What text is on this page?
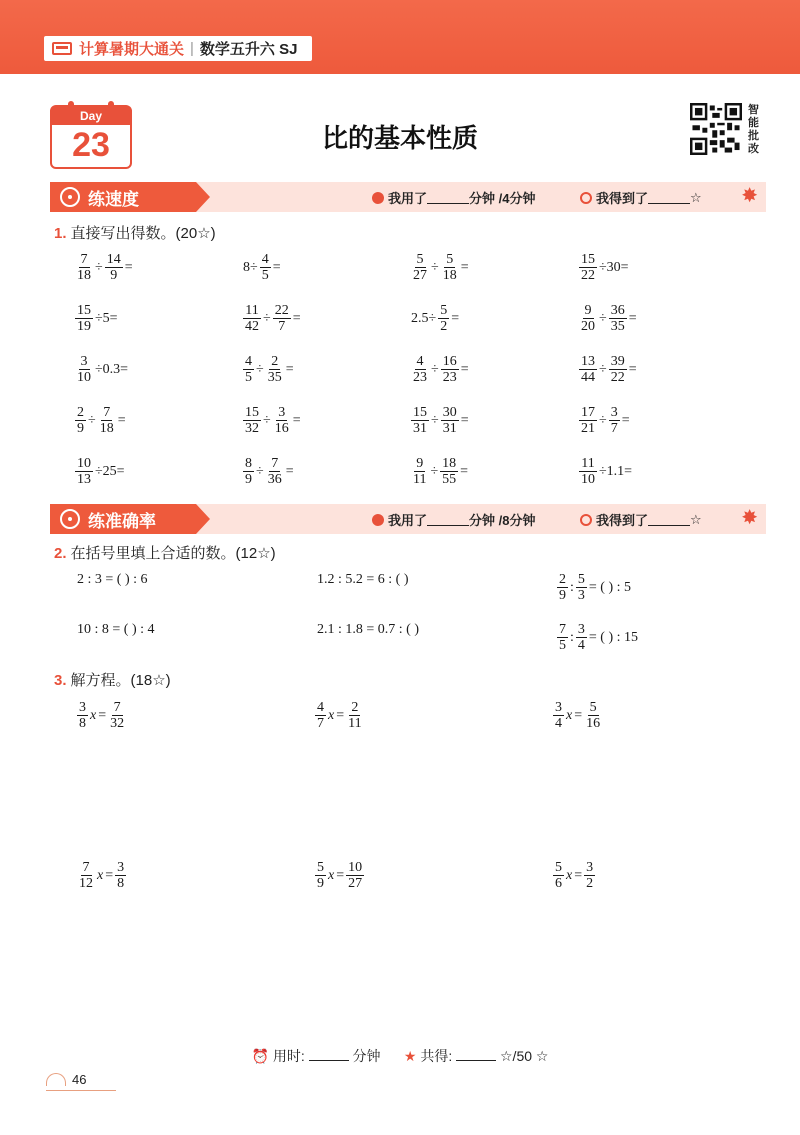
计算暑期大通关 | 数学五升六 SJ
Day
23	比的基本性质
智能批改
练速度	我用了	分钟 /4分钟	我得到了	☆ ✸
1. 直接写出得数。(20☆)
$\frac{7}{18} \div \frac{14}{9}$ =	$8\div \frac{4}{5}$ =	$\frac{5}{27} \div \frac{5}{18}$ =	$\frac{15}{22} \div 30=$
$\frac{15}{19} \div 5=$	$\frac{11}{42} \div \frac{22}{7}$ =	$2.5\div \frac{5}{2}$ =	$\frac{9}{20} \div \frac{36}{35}$ =
$\frac{3}{10} \div 0.3=$	$\frac{4}{5} \div \frac{2}{35}$ =	$\frac{4}{23} \div \frac{16}{23}$ =	$\frac{13}{44} \div \frac{39}{22}$ =
$\frac{2}{9} \div \frac{7}{18}$ =	$\frac{15}{32} \div \frac{3}{16}$ =	$\frac{15}{31} \div \frac{30}{31}$ =	$\frac{17}{21} \div \frac{3}{7}$ =
$\frac{10}{13} \div 25=$	$\frac{8}{9} \div \frac{7}{36}$ =	$\frac{9}{11} \div \frac{18}{55}$ =	$\frac{11}{10} \div 1.1=$
练准确率	我用了	分钟 /8分钟	我得到了	☆ ✸
2. 在括号里填上合适的数。(12☆)
2 : 3 = ( ) : 6	1.2 : 5.2 = 6 : ( )	$\frac{2}{9}$ : $\frac{5}{3}$ = ( ) : 5
10 : 8 = ( ) : 4	2.1 : 1.8 = 0.7 : ( )	$\frac{7}{5}$ : $\frac{3}{4}$ = ( ) : 15
3. 解方程。(18☆)
$\frac{3}{8}$ $x = \frac{7}{32}$	$\frac{4}{7}$ $x = \frac{2}{11}$	$\frac{3}{4}$ $x = \frac{5}{16}$
$\frac{7}{12}$ $x = \frac{3}{8}$	$\frac{5}{9}$ $x = \frac{10}{27}$	$\frac{5}{6}$ $x = \frac{3}{2}$
⏰ 用时:	分钟 ★ 共得:	☆/50 ☆
46
